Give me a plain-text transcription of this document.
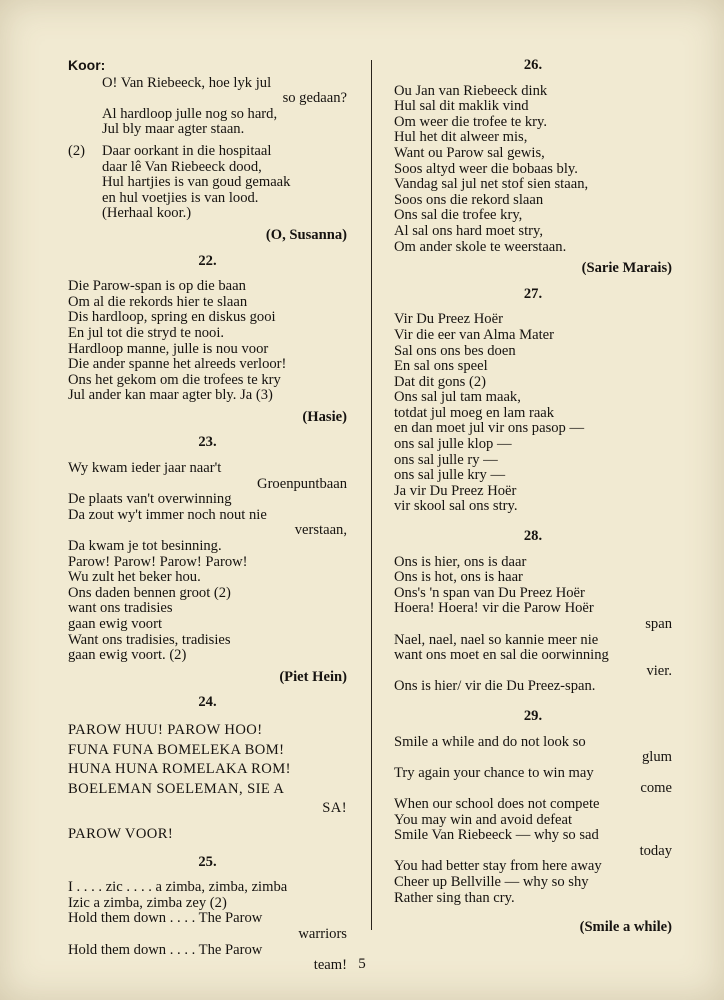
Koor:
O! Van Riebeeck, hoe lyk jul
so gedaan?
Al hardloop julle nog so hard,
Jul bly maar agter staan.
(2)	Daar oorkant in die hospitaal
daar lê Van Riebeeck dood,
Hul hartjies is van goud gemaak
en hul voetjies is van lood.
(Herhaal koor.)
(O, Susanna)
22.
Die Parow-span is op die baan
Om al die rekords hier te slaan
Dis hardloop, spring en diskus gooi
En jul tot die stryd te nooi.
Hardloop manne, julle is nou voor
Die ander spanne het alreeds verloor!
Ons het gekom om die trofees te kry
Jul ander kan maar agter bly. Ja (3)
(Hasie)
23.
Wy kwam ieder jaar naar't
Groenpuntbaan
De plaats van't overwinning
Da zout wy't immer noch nout nie
verstaan,
Da kwam je tot besinning.
Parow! Parow! Parow! Parow!
Wu zult het beker hou.
Ons daden bennen groot (2)
want ons tradisies
gaan ewig voort
Want ons tradisies, tradisies
gaan ewig voort. (2)
(Piet Hein)
24.
PAROW HUU! PAROW HOO!
FUNA FUNA BOMELEKA BOM!
HUNA HUNA ROMELAKA ROM!
BOELEMAN SOELEMAN, SIE A
SA!
PAROW VOOR!
25.
I . . . . zic . . . . a zimba, zimba, zimba
Izic a zimba, zimba zey (2)
Hold them down . . . . The Parow
warriors
Hold them down . . . . The Parow
team!
26.
Ou Jan van Riebeeck dink
Hul sal dit maklik vind
Om weer die trofee te kry.
Hul het dit alweer mis,
Want ou Parow sal gewis,
Soos altyd weer die bobaas bly.
Vandag sal jul net stof sien staan,
Soos ons die rekord slaan
Ons sal die trofee kry,
Al sal ons hard moet stry,
Om ander skole te weerstaan.
(Sarie Marais)
27.
Vir Du Preez Hoër
Vir die eer van Alma Mater
Sal ons ons bes doen
En sal ons speel
Dat dit gons (2)
Ons sal jul tam maak,
totdat jul moeg en lam raak
en dan moet jul vir ons pasop —
ons sal julle klop —
ons sal julle ry —
ons sal julle kry —
Ja vir Du Preez Hoër
vir skool sal ons stry.
28.
Ons is hier, ons is daar
Ons is hot, ons is haar
Ons's 'n span van Du Preez Hoër
Hoera! Hoera! vir die Parow Hoër
span
Nael, nael, nael so kannie meer nie
want ons moet en sal die oorwinning
vier.
Ons is hier/ vir die Du Preez-span.
29.
Smile a while and do not look so
glum
Try again your chance to win may
come
When our school does not compete
You may win and avoid defeat
Smile Van Riebeeck — why so sad
today
You had better stay from here away
Cheer up Bellville — why so shy
Rather sing than cry.
(Smile a while)
5
